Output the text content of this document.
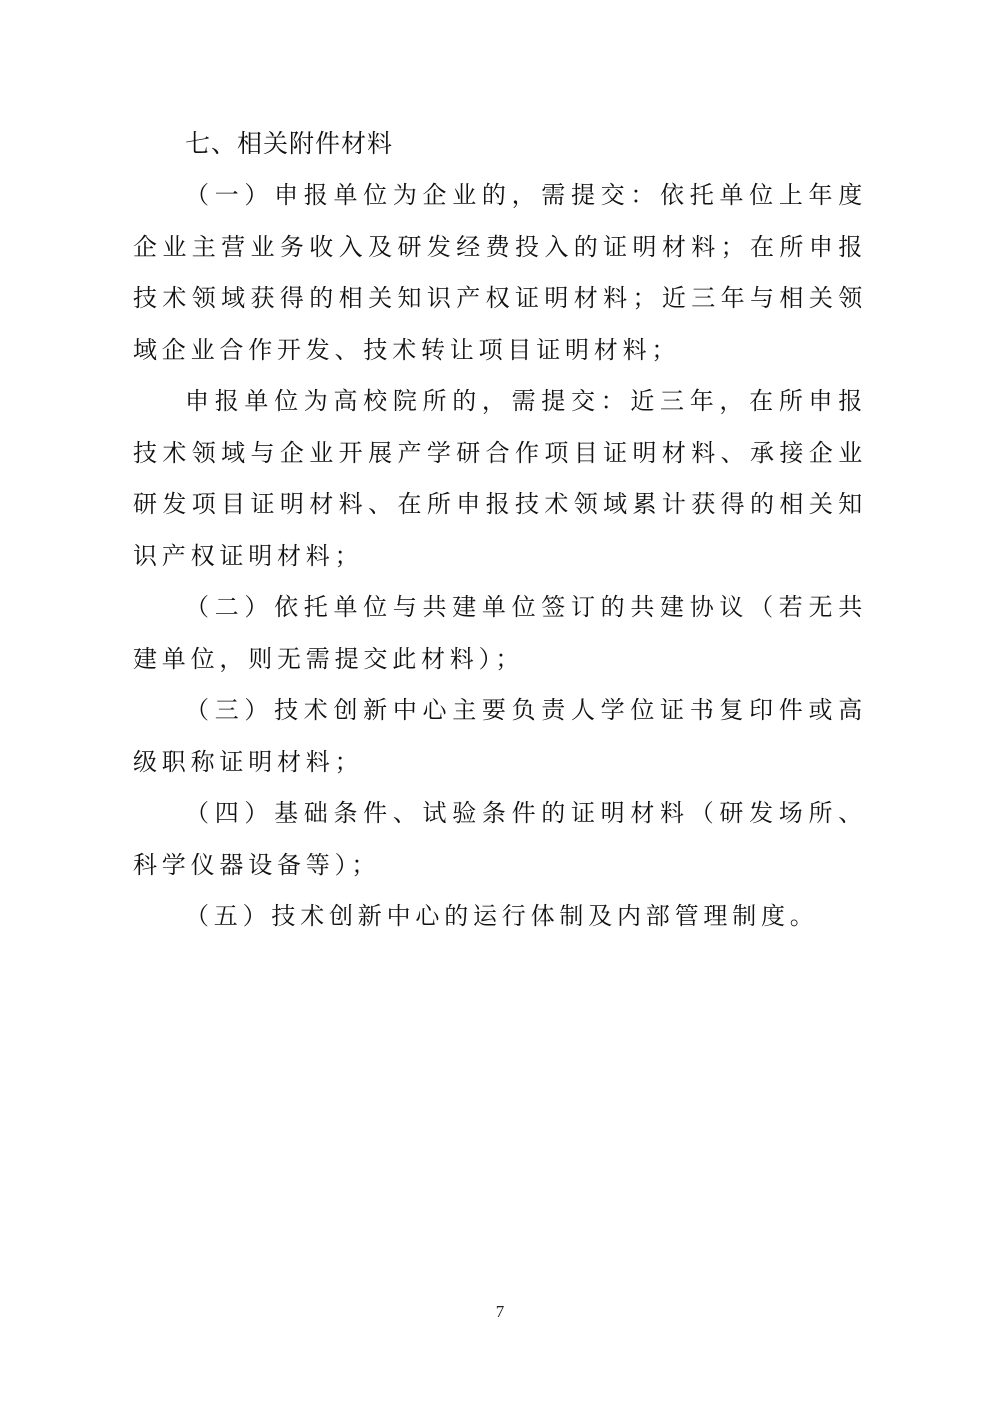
七、相关附件材料

（一）申报单位为企业的，需提交：依托单位上年度企业主营业务收入及研发经费投入的证明材料；在所申报技术领域获得的相关知识产权证明材料；近三年与相关领域企业合作开发、技术转让项目证明材料；

申报单位为高校院所的，需提交：近三年，在所申报技术领域与企业开展产学研合作项目证明材料、承接企业研发项目证明材料、在所申报技术领域累计获得的相关知识产权证明材料；

（二）依托单位与共建单位签订的共建协议（若无共建单位，则无需提交此材料）；

（三）技术创新中心主要负责人学位证书复印件或高级职称证明材料；

（四）基础条件、试验条件的证明材料（研发场所、科学仪器设备等）；

（五）技术创新中心的运行体制及内部管理制度。

7
